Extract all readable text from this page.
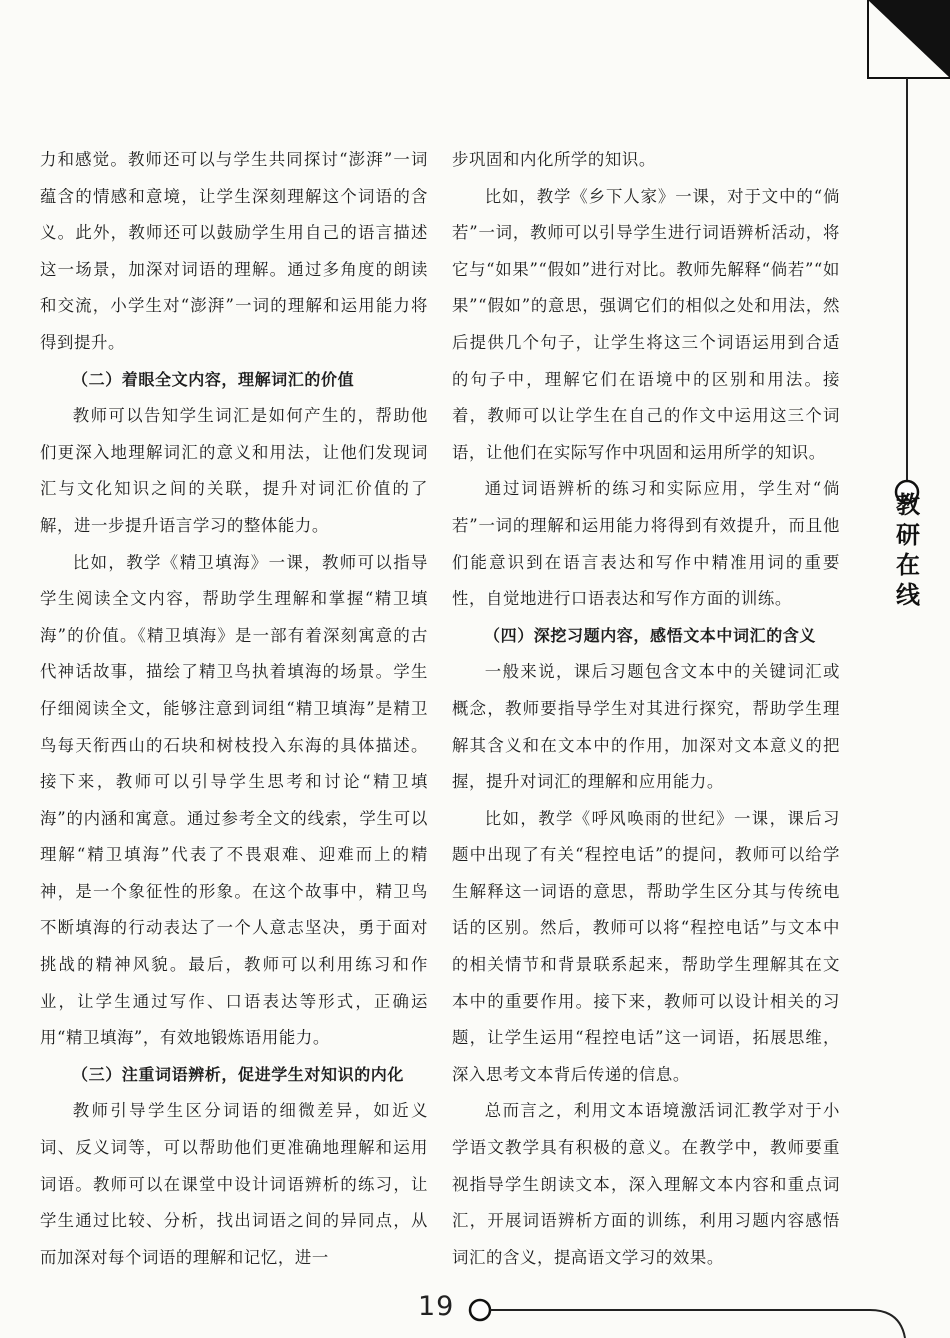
教
研
在
线

力和感觉。教师还可以与学生共同探讨“澎湃”一词蕴含的情感和意境，让学生深刻理解这个词语的含义。此外，教师还可以鼓励学生用自己的语言描述这一场景，加深对词语的理解。通过多角度的朗读和交流，小学生对“澎湃”一词的理解和运用能力将得到提升。

（二）着眼全文内容，理解词汇的价值

教师可以告知学生词汇是如何产生的，帮助他们更深入地理解词汇的意义和用法，让他们发现词汇与文化知识之间的关联，提升对词汇价值的了解，进一步提升语言学习的整体能力。

比如，教学《精卫填海》一课，教师可以指导学生阅读全文内容，帮助学生理解和掌握“精卫填海”的价值。《精卫填海》是一部有着深刻寓意的古代神话故事，描绘了精卫鸟执着填海的场景。学生仔细阅读全文，能够注意到词组“精卫填海”是精卫鸟每天衔西山的石块和树枝投入东海的具体描述。接下来，教师可以引导学生思考和讨论“精卫填海”的内涵和寓意。通过参考全文的线索，学生可以理解“精卫填海”代表了不畏艰难、迎难而上的精神，是一个象征性的形象。在这个故事中，精卫鸟不断填海的行动表达了一个人意志坚决，勇于面对挑战的精神风貌。最后，教师可以利用练习和作业，让学生通过写作、口语表达等形式，正确运用“精卫填海”，有效地锻炼语用能力。

（三）注重词语辨析，促进学生对知识的内化

教师引导学生区分词语的细微差异，如近义词、反义词等，可以帮助他们更准确地理解和运用词语。教师可以在课堂中设计词语辨析的练习，让学生通过比较、分析，找出词语之间的异同点，从而加深对每个词语的理解和记忆，进一

步巩固和内化所学的知识。

比如，教学《乡下人家》一课，对于文中的“倘若”一词，教师可以引导学生进行词语辨析活动，将它与“如果”“假如”进行对比。教师先解释“倘若”“如果”“假如”的意思，强调它们的相似之处和用法，然后提供几个句子，让学生将这三个词语运用到合适的句子中，理解它们在语境中的区别和用法。接着，教师可以让学生在自己的作文中运用这三个词语，让他们在实际写作中巩固和运用所学的知识。

通过词语辨析的练习和实际应用，学生对“倘若”一词的理解和运用能力将得到有效提升，而且他们能意识到在语言表达和写作中精准用词的重要性，自觉地进行口语表达和写作方面的训练。

（四）深挖习题内容，感悟文本中词汇的含义

一般来说，课后习题包含文本中的关键词汇或概念，教师要指导学生对其进行探究，帮助学生理解其含义和在文本中的作用，加深对文本意义的把握，提升对词汇的理解和应用能力。

比如，教学《呼风唤雨的世纪》一课，课后习题中出现了有关“程控电话”的提问，教师可以给学生解释这一词语的意思，帮助学生区分其与传统电话的区别。然后，教师可以将“程控电话”与文本中的相关情节和背景联系起来，帮助学生理解其在文本中的重要作用。接下来，教师可以设计相关的习题，让学生运用“程控电话”这一词语，拓展思维，深入思考文本背后传递的信息。

总而言之，利用文本语境激活词汇教学对于小学语文教学具有积极的意义。在教学中，教师要重视指导学生朗读文本，深入理解文本内容和重点词汇，开展词语辨析方面的训练，利用习题内容感悟词汇的含义，提高语文学习的效果。

19
